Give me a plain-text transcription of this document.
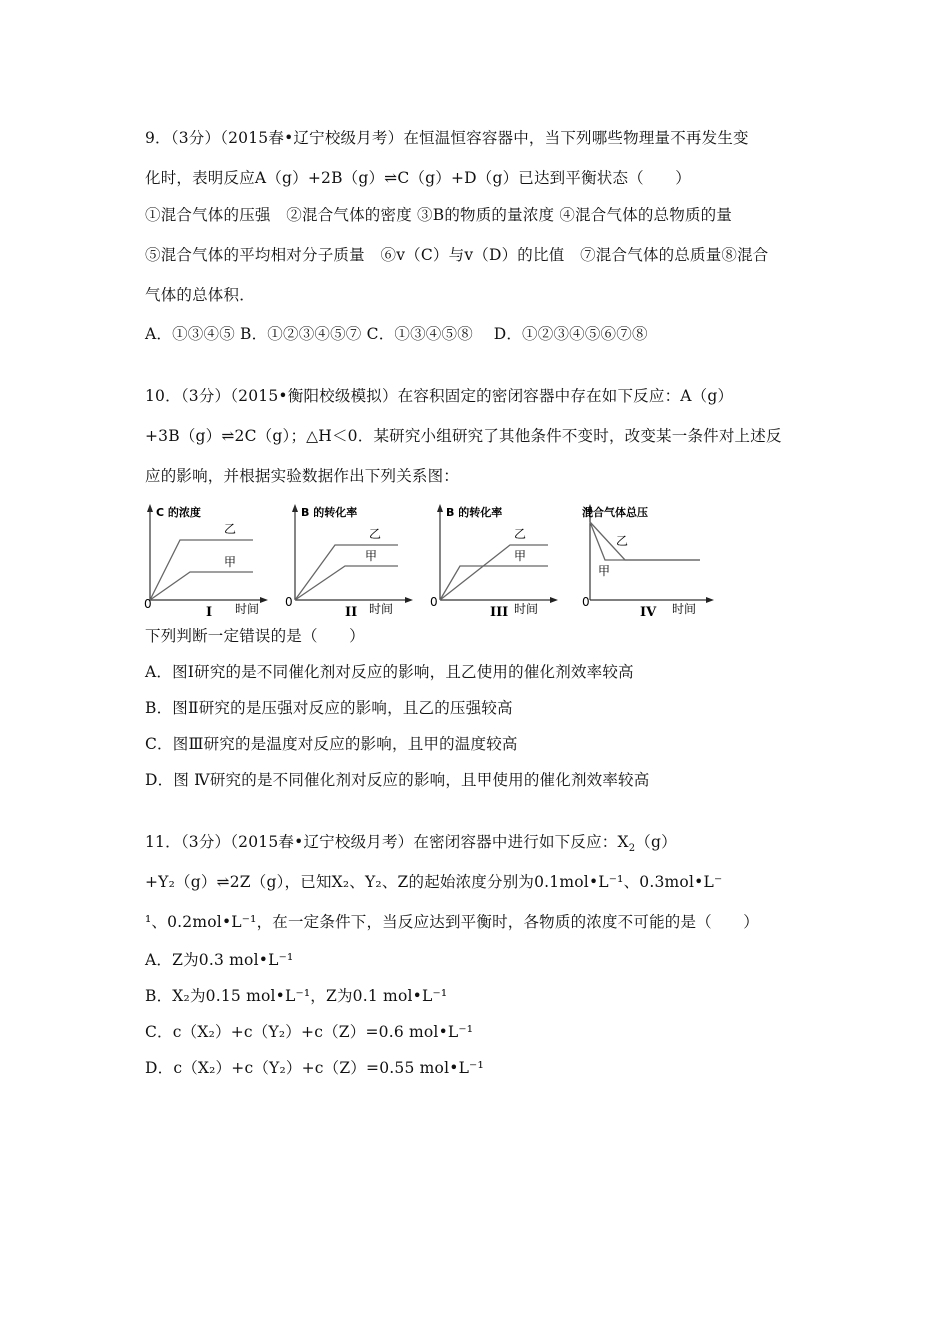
9．（3分）（2015春•辽宁校级月考）在恒温恒容容器中，当下列哪些物理量不再发生变
化时，表明反应A（g）+2B（g）⇌C（g）+D（g）已达到平衡状态（　　）
①混合气体的压强　②混合气体的密度 ③B的物质的量浓度 ④混合气体的总物质的量
⑤混合气体的平均相对分子质量　⑥v（C）与v（D）的比值　⑦混合气体的总质量⑧混合
气体的总体积．
A．①③④⑤ B．①②③④⑤⑦ C．①③④⑤⑧　 D．①②③④⑤⑥⑦⑧
10．（3分）（2015•衡阳校级模拟）在容积固定的密闭容器中存在如下反应：A（g）
+3B（g）⇌2C（g）；△H＜0．某研究小组研究了其他条件不变时，改变某一条件对上述反
应的影响，并根据实验数据作出下列关系图：
C 的浓度
乙
甲
0
I 时间
B 的转化率
乙
甲
0
II 时间
B 的转化率
乙
甲
0
III 时间
混合气体总压
乙
甲
0
IV 时间
下列判断一定错误的是（　　）
A．图Ⅰ研究的是不同催化剂对反应的影响，且乙使用的催化剂效率较高
B．图Ⅱ研究的是压强对反应的影响，且乙的压强较高
C．图Ⅲ研究的是温度对反应的影响，且甲的温度较高
D．图 Ⅳ研究的是不同催化剂对反应的影响，且甲使用的催化剂效率较高
11．（3分）（2015春•辽宁校级月考）在密闭容器中进行如下反应：$X_2(g)$
+Y₂（g）⇌2Z（g），已知X₂、Y₂、Z的起始浓度分别为0.1mol•L⁻¹、0.3mol•L⁻
¹、0.2mol•L⁻¹，在一定条件下，当反应达到平衡时，各物质的浓度不可能的是（　　）
A．Z为0.3 mol•L⁻¹
B．X₂为0.15 mol•L⁻¹，Z为0.1 mol•L⁻¹
C．c（X₂）+c（Y₂）+c（Z）=0.6 mol•L⁻¹
D．c（X₂）+c（Y₂）+c（Z）=0.55 mol•L⁻¹
